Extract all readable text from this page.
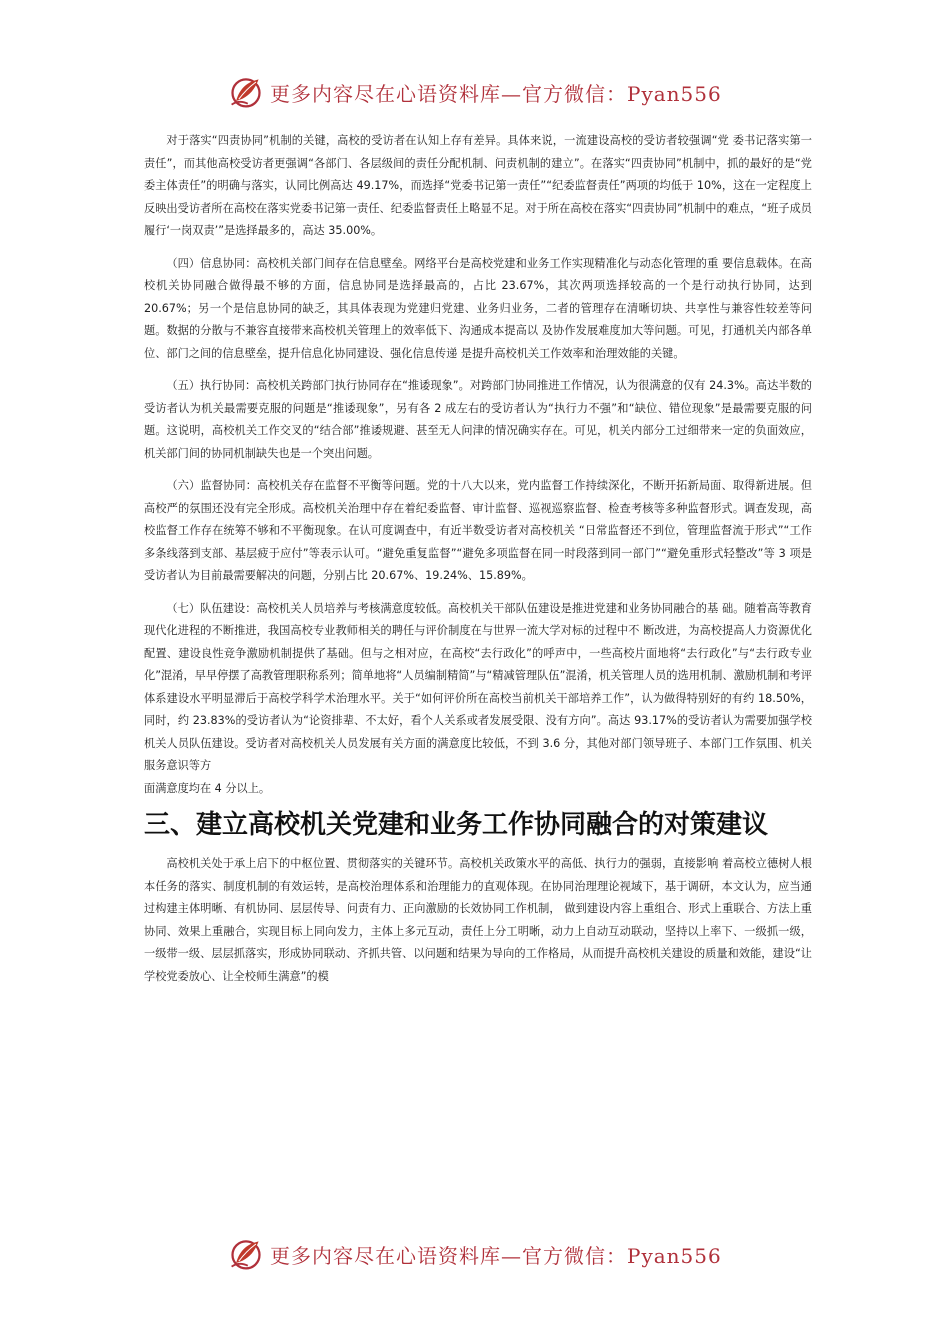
更多内容尽在心语资料库—官方微信：Pyan556

对于落实“四责协同”机制的关键，高校的受访者在认知上存有差异。具体来说，一流建设高校的受访者较强调“党 委书记落实第一责任”，而其他高校受访者更强调“各部门、各层级间的责任分配机制、问责机制的建立”。在落实“四责协同”机制中，抓的最好的是“党委主体责任”的明确与落实，认同比例高达 49.17%，而选择“党委书记第一责任”“纪委监督责任”两项的均低于 10%，这在一定程度上反映出受访者所在高校在落实党委书记第一责任、纪委监督责任上略显不足。对于所在高校在落实“四责协同”机制中的难点，“班子成员履行‘一岗双责’”是选择最多的，高达 35.00%。

（四）信息协同：高校机关部门间存在信息壁垒。网络平台是高校党建和业务工作实现精准化与动态化管理的重 要信息载体。在高校机关协同融合做得最不够的方面，信息协同是选择最高的，占比 23.67%，其次两项选择较高的一个是行动执行协同，达到 20.67%；另一个是信息协同的缺乏，其具体表现为党建归党建、业务归业务，二者的管理存在清晰切块、共享性与兼容性较差等问题。数据的分散与不兼容直接带来高校机关管理上的效率低下、沟通成本提高以 及协作发展难度加大等问题。可见，打通机关内部各单位、部门之间的信息壁垒，提升信息化协同建设、强化信息传递 是提升高校机关工作效率和治理效能的关键。

（五）执行协同：高校机关跨部门执行协同存在“推诿现象”。对跨部门协同推进工作情况，认为很满意的仅有 24.3%。高达半数的受访者认为机关最需要克服的问题是“推诿现象”，另有各 2 成左右的受访者认为“执行力不强”和“缺位、错位现象”是最需要克服的问题。这说明，高校机关工作交叉的“结合部”推诿规避、甚至无人问津的情况确实存在。可见，机关内部分工过细带来一定的负面效应，机关部门间的协同机制缺失也是一个突出问题。

（六）监督协同：高校机关存在监督不平衡等问题。党的十八大以来，党内监督工作持续深化，不断开拓新局面、取得新进展。但高校严的氛围还没有完全形成。高校机关治理中存在着纪委监督、审计监督、巡视巡察监督、检查考核等多种监督形式。调查发现，高校监督工作存在统筹不够和不平衡现象。在认可度调查中，有近半数受访者对高校机关 “日常监督还不到位，管理监督流于形式”“工作多条线落到支部、基层疲于应付”等表示认可。“避免重复监督”“避免多项监督在同一时段落到同一部门”“避免重形式轻整改”等 3 项是受访者认为目前最需要解决的问题，分别占比 20.67%、19.24%、15.89%。

（七）队伍建设：高校机关人员培养与考核满意度较低。高校机关干部队伍建设是推进党建和业务协同融合的基 础。随着高等教育现代化进程的不断推进，我国高校专业教师相关的聘任与评价制度在与世界一流大学对标的过程中不 断改进，为高校提高人力资源优化配置、建设良性竞争激励机制提供了基础。但与之相对应，在高校“去行政化”的呼声中，一些高校片面地将“去行政化”与“去行政专业化”混淆，早早停摆了高教管理职称系列；简单地将“人员编制精简”与“精减管理队伍”混淆，机关管理人员的选用机制、激励机制和考评体系建设水平明显滞后于高校学科学术治理水平。关于“如何评价所在高校当前机关干部培养工作”，认为做得特别好的有约 18.50%，同时，约 23.83%的受访者认为“论资排辈、不太好，看个人关系或者发展受限、没有方向”。高达 93.17%的受访者认为需要加强学校机关人员队伍建设。受访者对高校机关人员发展有关方面的满意度比较低，不到 3.6 分，其他对部门领导班子、本部门工作氛围、机关服务意识等方

面满意度均在 4 分以上。

三、建立高校机关党建和业务工作协同融合的对策建议

高校机关处于承上启下的中枢位置、贯彻落实的关键环节。高校机关政策水平的高低、执行力的强弱，直接影响 着高校立德树人根本任务的落实、制度机制的有效运转，是高校治理体系和治理能力的直观体现。在协同治理理论视域下，基于调研，本文认为，应当通过构建主体明晰、有机协同、层层传导、问责有力、正向激励的长效协同工作机制， 做到建设内容上重组合、形式上重联合、方法上重协同、效果上重融合，实现目标上同向发力，主体上多元互动，责任上分工明晰，动力上自动互动联动，坚持以上率下、一级抓一级，一级带一级、层层抓落实，形成协同联动、齐抓共管、以问题和结果为导向的工作格局，从而提升高校机关建设的质量和效能，建设“让学校党委放心、让全校师生满意”的模

更多内容尽在心语资料库—官方微信：Pyan556
